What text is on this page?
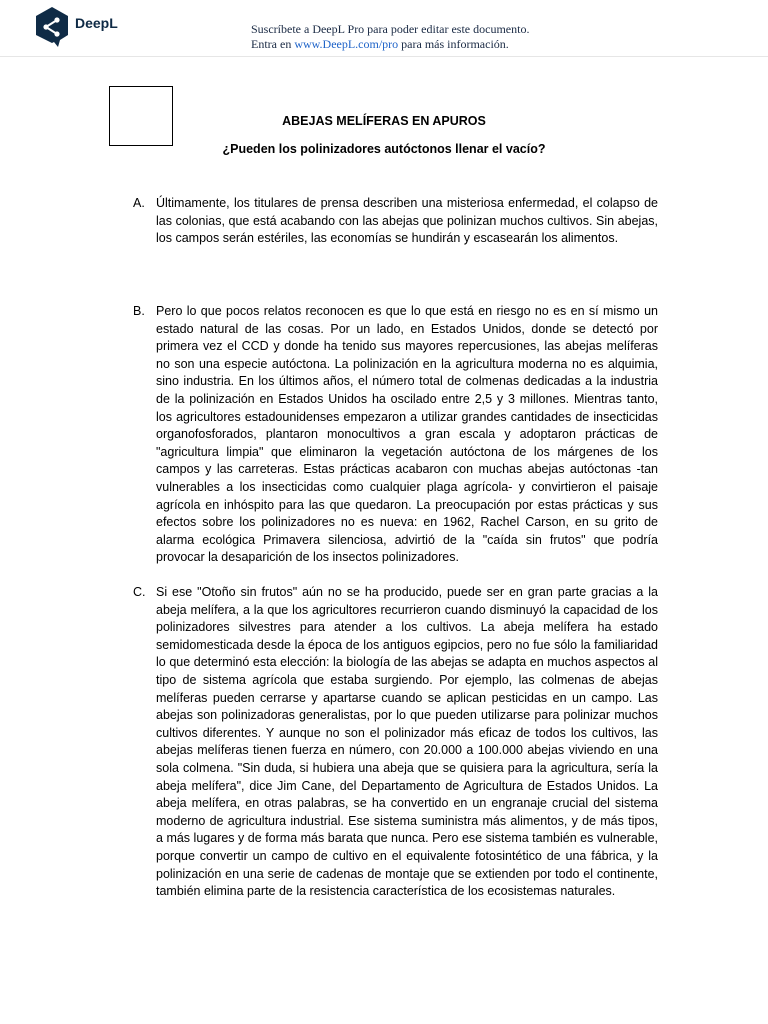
DeepL	Suscríbete a DeepL Pro para poder editar este documento.
Entra en www.DeepL.com/pro para más información.
ABEJAS MELÍFERAS EN APUROS
¿Pueden los polinizadores autóctonos llenar el vacío?
A. Últimamente, los titulares de prensa describen una misteriosa enfermedad, el colapso de las colonias, que está acabando con las abejas que polinizan muchos cultivos. Sin abejas, los campos serán estériles, las economías se hundirán y escasearán los alimentos.

B. Pero lo que pocos relatos reconocen es que lo que está en riesgo no es en sí mismo un estado natural de las cosas. Por un lado, en Estados Unidos, donde se detectó por primera vez el CCD y donde ha tenido sus mayores repercusiones, las abejas melíferas no son una especie autóctona. La polinización en la agricultura moderna no es alquimia, sino industria. En los últimos años, el número total de colmenas dedicadas a la industria de la polinización en Estados Unidos ha oscilado entre 2,5 y 3 millones. Mientras tanto, los agricultores estadounidenses empezaron a utilizar grandes cantidades de insecticidas organofosforados, plantaron monocultivos a gran escala y adoptaron prácticas de "agricultura limpia" que eliminaron la vegetación autóctona de los márgenes de los campos y las carreteras. Estas prácticas acabaron con muchas abejas autóctonas -tan vulnerables a los insecticidas como cualquier plaga agrícola- y convirtieron el paisaje agrícola en inhóspito para las que quedaron. La preocupación por estas prácticas y sus efectos sobre los polinizadores no es nueva: en 1962, Rachel Carson, en su grito de alarma ecológica Primavera silenciosa, advirtió de la "caída sin frutos" que podría provocar la desaparición de los insectos polinizadores.

C. Si ese "Otoño sin frutos" aún no se ha producido, puede ser en gran parte gracias a la abeja melífera, a la que los agricultores recurrieron cuando disminuyó la capacidad de los polinizadores silvestres para atender a los cultivos. La abeja melífera ha estado semidomesticada desde la época de los antiguos egipcios, pero no fue sólo la familiaridad lo que determinó esta elección: la biología de las abejas se adapta en muchos aspectos al tipo de sistema agrícola que estaba surgiendo. Por ejemplo, las colmenas de abejas melíferas pueden cerrarse y apartarse cuando se aplican pesticidas en un campo. Las abejas son polinizadoras generalistas, por lo que pueden utilizarse para polinizar muchos cultivos diferentes. Y aunque no son el polinizador más eficaz de todos los cultivos, las abejas melíferas tienen fuerza en número, con 20.000 a 100.000 abejas viviendo en una sola colmena. "Sin duda, si hubiera una abeja que se quisiera para la agricultura, sería la abeja melífera", dice Jim Cane, del Departamento de Agricultura de Estados Unidos. La abeja melífera, en otras palabras, se ha convertido en un engranaje crucial del sistema moderno de agricultura industrial. Ese sistema suministra más alimentos, y de más tipos, a más lugares y de forma más barata que nunca. Pero ese sistema también es vulnerable, porque convertir un campo de cultivo en el equivalente fotosintético de una fábrica, y la polinización en una serie de cadenas de montaje que se extienden por todo el continente, también elimina parte de la resistencia característica de los ecosistemas naturales.
